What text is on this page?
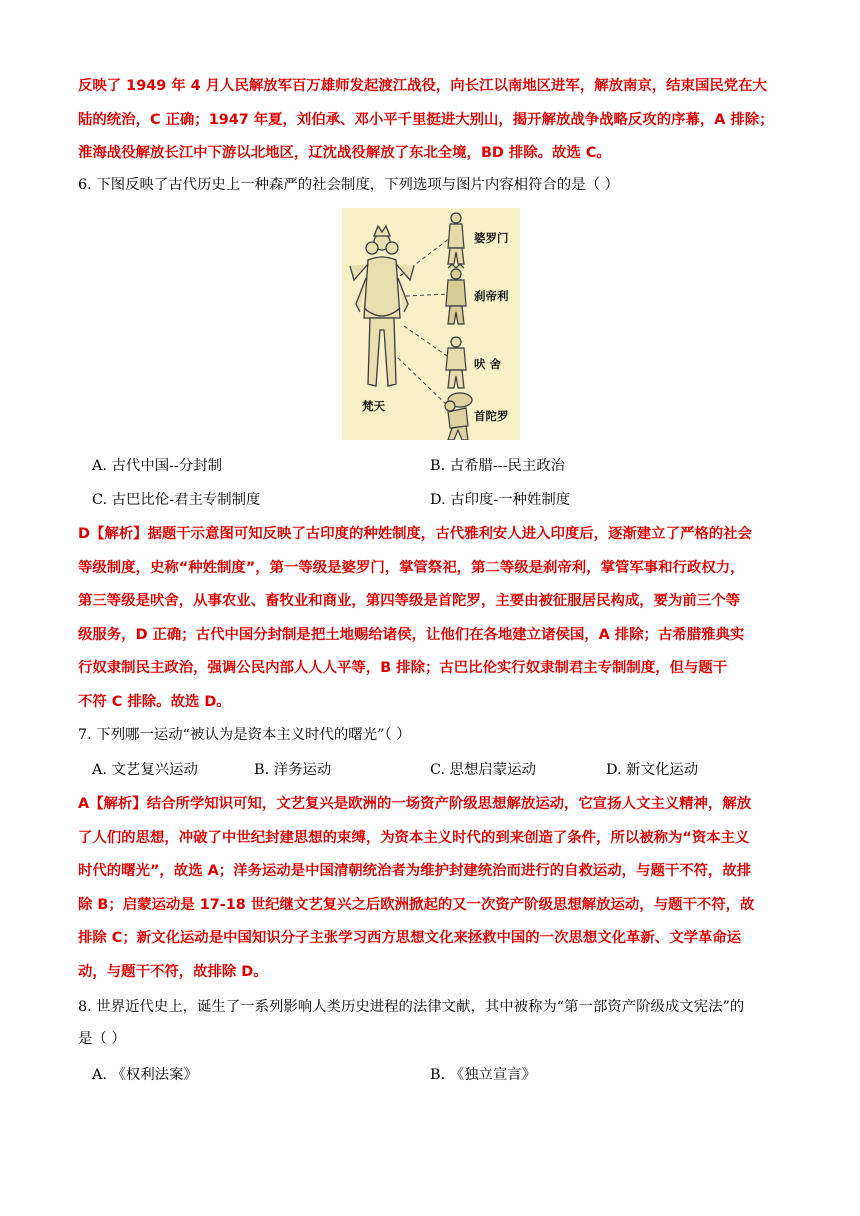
反映了 1949 年 4 月人民解放军百万雄师发起渡江战役，向长江以南地区进军，解放南京，结束国民党在大
陆的统治，C 正确；1947 年夏，刘伯承、邓小平千里挺进大别山，揭开解放战争战略反攻的序幕，A 排除；
淮海战役解放长江中下游以北地区，辽沈战役解放了东北全境，BD 排除。故选 C。
6. 下图反映了古代历史上一种森严的社会制度，下列选项与图片内容相符合的是（ ）
梵天
婆罗门
刹帝利
吠 舍
首陀罗
A. 古代中国--分封制	B. 古希腊---民主政治
C. 古巴比伦-君主专制制度	D. 古印度-一种姓制度
D【解析】据题干示意图可知反映了古印度的种姓制度，古代雅利安人进入印度后，逐渐建立了严格的社会
等级制度，史称“种姓制度”，第一等级是婆罗门，掌管祭祀，第二等级是刹帝利，掌管军事和行政权力，
第三等级是吠舍，从事农业、畜牧业和商业，第四等级是首陀罗，主要由被征服居民构成，要为前三个等
级服务，D 正确；古代中国分封制是把土地赐给诸侯，让他们在各地建立诸侯国，A 排除；古希腊雅典实
行奴隶制民主政治，强调公民内部人人人平等，B 排除；古巴比伦实行奴隶制君主专制制度，但与题干
不符 C 排除。故选 D。
7. 下列哪一运动“被认为是资本主义时代的曙光”（ ）
A. 文艺复兴运动	B. 洋务运动	C. 思想启蒙运动	D. 新文化运动
A【解析】结合所学知识可知，文艺复兴是欧洲的一场资产阶级思想解放运动，它宣扬人文主义精神，解放
了人们的思想，冲破了中世纪封建思想的束缚，为资本主义时代的到来创造了条件，所以被称为“资本主义
时代的曙光”，故选 A；洋务运动是中国清朝统治者为维护封建统治而进行的自救运动，与题干不符，故排
除 B；启蒙运动是 17-18 世纪继文艺复兴之后欧洲掀起的又一次资产阶级思想解放运动，与题干不符，故
排除 C；新文化运动是中国知识分子主张学习西方思想文化来拯救中国的一次思想文化革新、文学革命运
动，与题干不符，故排除 D。
8. 世界近代史上，诞生了一系列影响人类历史进程的法律文献，其中被称为“第一部资产阶级成文宪法”的
是（ ）
A. 《权利法案》	B. 《独立宣言》
